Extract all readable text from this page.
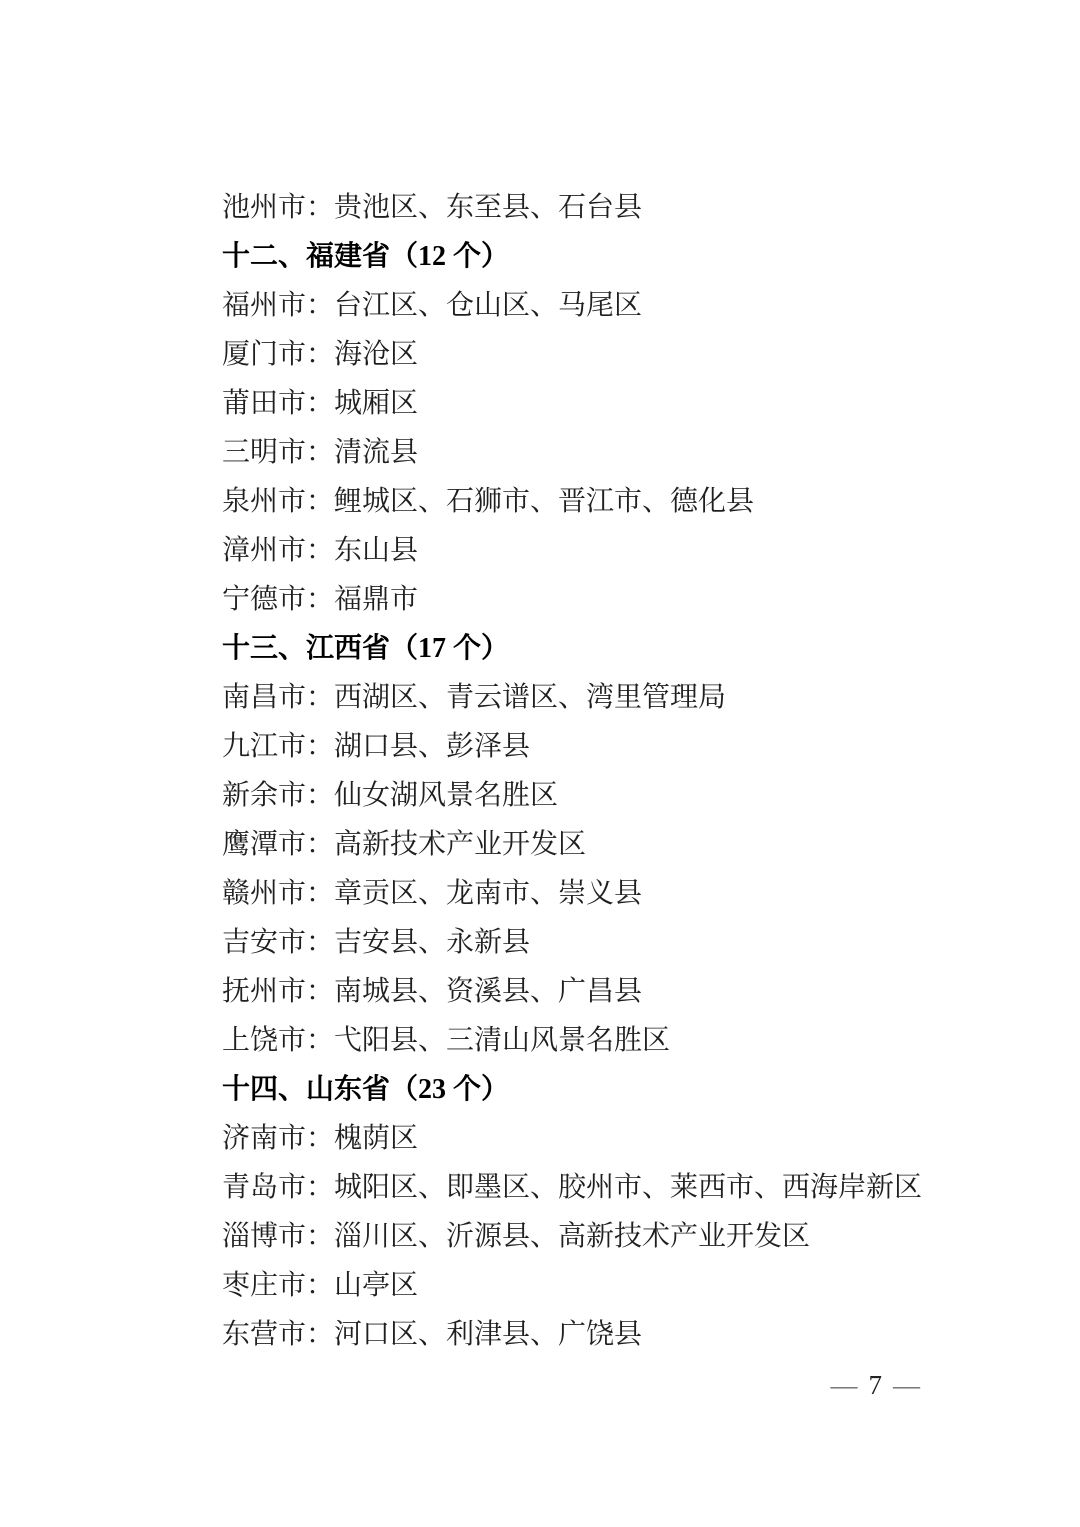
池州市：贵池区、东至县、石台县
十二、福建省（12 个）
福州市：台江区、仓山区、马尾区
厦门市：海沧区
莆田市：城厢区
三明市：清流县
泉州市：鲤城区、石狮市、晋江市、德化县
漳州市：东山县
宁德市：福鼎市
十三、江西省（17 个）
南昌市：西湖区、青云谱区、湾里管理局
九江市：湖口县、彭泽县
新余市：仙女湖风景名胜区
鹰潭市：高新技术产业开发区
赣州市：章贡区、龙南市、崇义县
吉安市：吉安县、永新县
抚州市：南城县、资溪县、广昌县
上饶市：弋阳县、三清山风景名胜区
十四、山东省（23 个）
济南市：槐荫区
青岛市：城阳区、即墨区、胶州市、莱西市、西海岸新区
淄博市：淄川区、沂源县、高新技术产业开发区
枣庄市：山亭区
东营市：河口区、利津县、广饶县
— 7 —
